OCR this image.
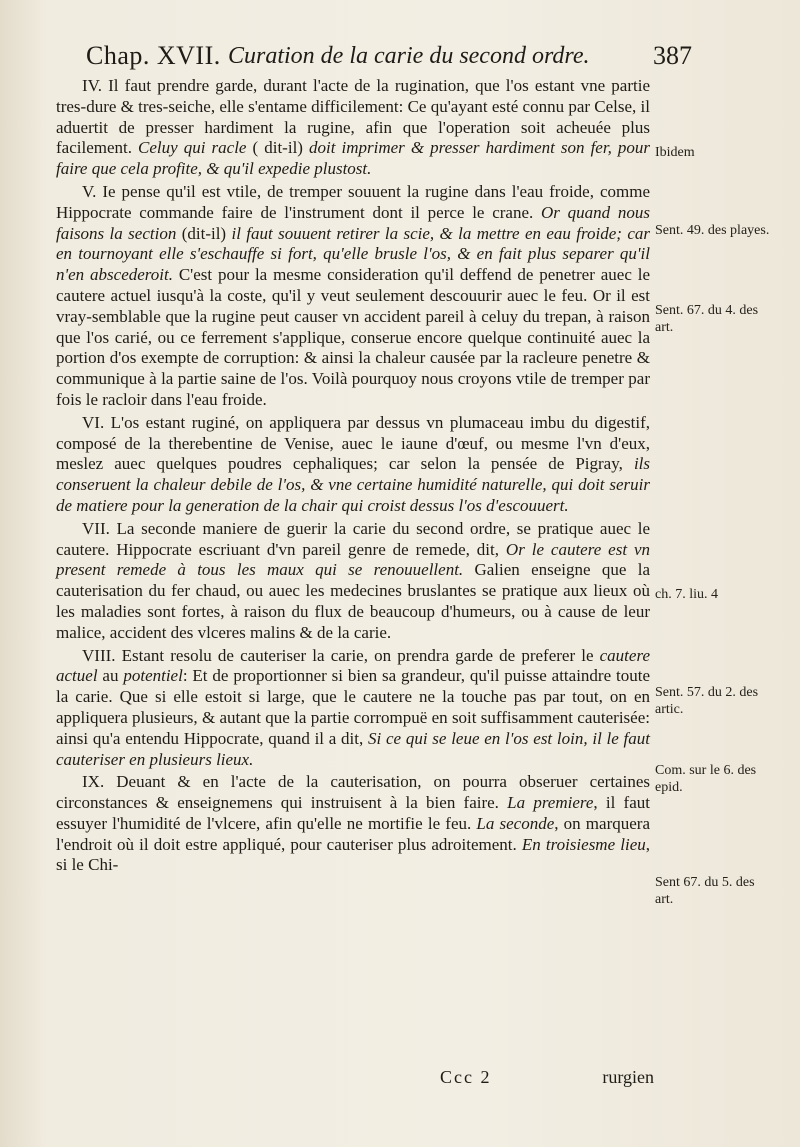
Chap. XVII. Curation de la carie du second ordre. 387

IV. Il faut prendre garde, durant l'acte de la rugination, que l'os estant vne partie tres-dure & tres-seiche, elle s'entame difficilement: Ce qu'ayant esté connu par Celse, il aduertit de presser hardiment la rugine, afin que l'operation soit acheuée plus facilement. Celuy qui racle ( dit-il) doit imprimer & presser hardiment son fer, pour faire que cela profite, & qu'il expedie plustost.

V. Ie pense qu'il est vtile, de tremper souuent la rugine dans l'eau froide, comme Hippocrate commande faire de l'instrument dont il perce le crane. Or quand nous faisons la section (dit-il) il faut souuent retirer la scie, & la mettre en eau froide; car en tournoyant elle s'eschauffe si fort, qu'elle brusle l'os, & en fait plus separer qu'il n'en abscederoit. C'est pour la mesme consideration qu'il deffend de penetrer auec le cautere actuel iusqu'à la coste, qu'il y veut seulement descouurir auec le feu. Or il est vray-semblable que la rugine peut causer vn accident pareil à celuy du trepan, à raison que l'os carié, ou ce ferrement s'applique, conserue encore quelque continuité auec la portion d'os exempte de corruption: & ainsi la chaleur causée par la racleure penetre & communique à la partie saine de l'os. Voilà pourquoy nous croyons vtile de tremper par fois le racloir dans l'eau froide.

VI. L'os estant ruginé, on appliquera par dessus vn plumaceau imbu du digestif, composé de la therebentine de Venise, auec le iaune d'œuf, ou mesme l'vn d'eux, meslez auec quelques poudres cephaliques; car selon la pensée de Pigray, ils conseruent la chaleur debile de l'os, & vne certaine humidité naturelle, qui doit seruir de matiere pour la generation de la chair qui croist dessus l'os d'escouuert.

VII. La seconde maniere de guerir la carie du second ordre, se pratique auec le cautere. Hippocrate escriuant d'vn pareil genre de remede, dit, Or le cautere est vn present remede à tous les maux qui se renouuellent. Galien enseigne que la cauterisation du fer chaud, ou auec les medecines bruslantes se pratique aux lieux où les maladies sont fortes, à raison du flux de beaucoup d'humeurs, ou à cause de leur malice, accident des vlceres malins & de la carie.

VIII. Estant resolu de cauteriser la carie, on prendra garde de preferer le cautere actuel au potentiel: Et de proportionner si bien sa grandeur, qu'il puisse attaindre toute la carie. Que si elle estoit si large, que le cautere ne la touche pas par tout, on en appliquera plusieurs, & autant que la partie corrompuë en soit suffisamment cauterisée: ainsi qu'a entendu Hippocrate, quand il a dit, Si ce qui se leue en l'os est loin, il le faut cauteriser en plusieurs lieux.

IX. Deuant & en l'acte de la cauterisation, on pourra obseruer certaines circonstances & enseignemens qui instruisent à la bien faire. La premiere, il faut essuyer l'humidité de l'vlcere, afin qu'elle ne mortifie le feu. La seconde, on marquera l'endroit où il doit estre appliqué, pour cauteriser plus adroitement. En troisiesme lieu, si le Chi-

Ibidem
Sent. 49. des playes.
Sent. 67. du 4. des art.
ch. 7. liu. 4
Sent. 57. du 2. des artic.
Com. sur le 6. des epid.
Sent 67. du 5. des art.
Ccc 2	rurgien
